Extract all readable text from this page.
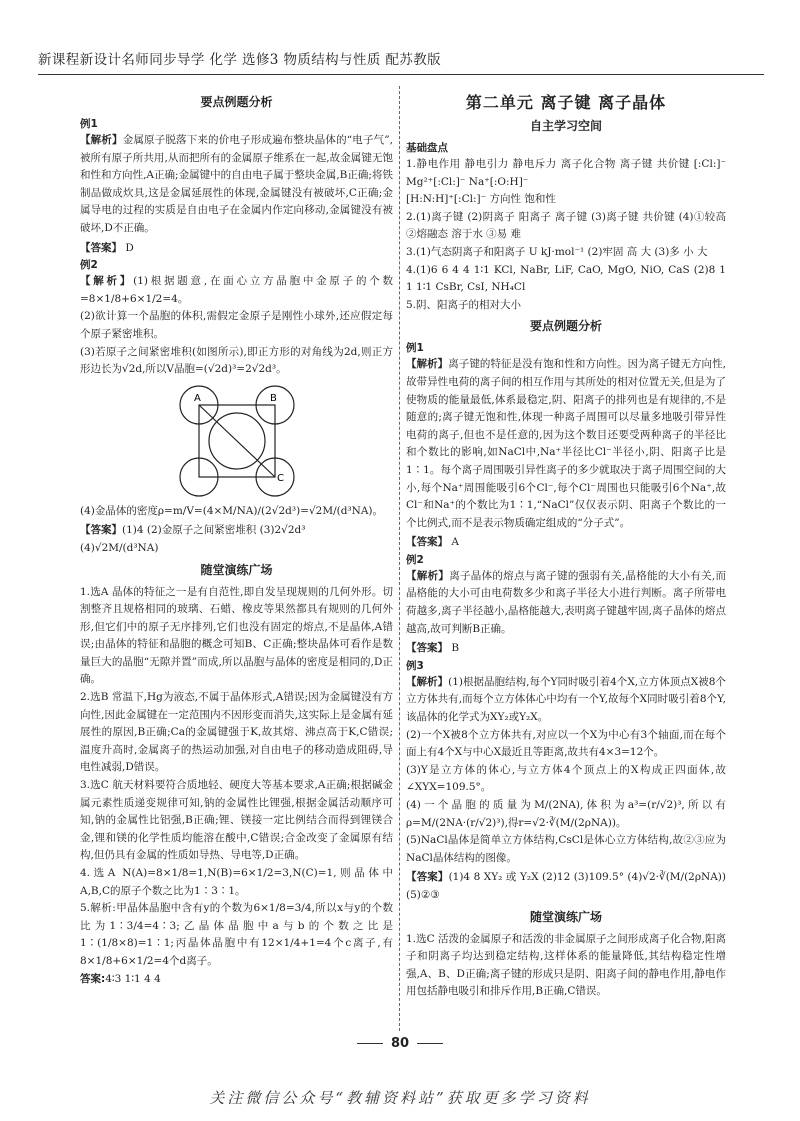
新课程新设计名师同步导学 化学 选修3 物质结构与性质 配苏教版
要点例题分析
例1

【解析】金属原子脱落下来的价电子形成遍布整块晶体的“电子气”,被所有原子所共用,从而把所有的金属原子维系在一起,故金属键无饱和性和方向性,A正确;金属键中的自由电子属于整块金属,B正确;将铁制品做成炊具,这是金属延展性的体现,金属键没有被破坏,C正确;金属导电的过程的实质是自由电子在金属内作定向移动,金属键没有被破坏,D不正确。

【答案】 D

例2

【解析】(1)根据题意,在面心立方晶胞中金原子的个数=8×1/8+6×1/2=4。

(2)欲计算一个晶胞的体积,需假定金原子是刚性小球外,还应假定每个原子紧密堆积。

(3)若原子之间紧密堆积(如图所示),即正方形的对角线为2d,则正方形边长为√2d,所以V晶胞=(√2d)³=2√2d³。

A	B
C

(4)金晶体的密度ρ=m/V=(4×M/NA)/(2√2d³)=√2M/(d³NA)。

【答案】(1)4 (2)金原子之间紧密堆积 (3)2√2d³

(4)√2M/(d³NA)

随堂演练广场

1.选A 晶体的特征之一是有自范性,即自发呈现规则的几何外形。切割整齐且规格相同的玻璃、石蜡、橡皮等果然都具有规则的几何外形,但它们中的原子无序排列,它们也没有固定的熔点,不是晶体,A错误;由晶体的特征和晶胞的概念可知B、C正确;整块晶体可看作是数量巨大的晶胞“无隙并置”而成,所以晶胞与晶体的密度是相同的,D正确。

2.选B 常温下,Hg为液态,不属于晶体形式,A错误;因为金属键没有方向性,因此金属键在一定范围内不因形变而消失,这实际上是金属有延展性的原因,B正确;Ca的金属键强于K,故其熔、沸点高于K,C错误;温度升高时,金属离子的热运动加强,对自由电子的移动造成阻碍,导电性减弱,D错误。

3.选C 航天材料要符合质地轻、硬度大等基本要求,A正确;根据碱金属元素性质递变规律可知,钠的金属性比锂强,根据金属活动顺序可知,钠的金属性比铝强,B正确;锂、镁接一定比例结合而得到锂镁合金,锂和镁的化学性质均能溶在酸中,C错误;合金改变了金属原有结构,但仍具有金属的性质如导热、导电等,D正确。

4.选A N(A)=8×1/8=1,N(B)=6×1/2=3,N(C)=1,则晶体中A,B,C的原子个数之比为1∶3∶1。

5.解析:甲晶体晶胞中含有y的个数为6×1/8=3/4,所以x与y的个数比为1∶3/4=4∶3;乙晶体晶胞中a与b的个数之比是1∶(1/8×8)=1∶1;丙晶体晶胞中有12×1/4+1=4个c离子,有8×1/8+6×1/2=4个d离子。

答案:4∶3 1∶1 4 4

第二单元 离子键 离子晶体
自主学习空间
基础盘点

1.静电作用 静电引力 静电斥力 离子化合物 离子键 共价键 [:Cl:]⁻ Mg²⁺[:Cl:]⁻ Na⁺[:O:H]⁻

[H:N:H]⁺[:Cl:]⁻ 方向性 饱和性

2.(1)离子键 (2)阴离子 阳离子 离子键 (3)离子键 共价键 (4)①较高 ②熔融态 溶于水 ③易 难

3.(1)气态阴离子和阳离子 U kJ·mol⁻¹ (2)牢固 高 大 (3)多 小 大

4.(1)6 6 4 4 1∶1 KCl, NaBr, LiF, CaO, MgO, NiO, CaS (2)8 1 1 1∶1 CsBr, CsI, NH₄Cl

5.阴、阳离子的相对大小

要点例题分析
例1

【解析】离子键的特征是没有饱和性和方向性。因为离子键无方向性,故带异性电荷的离子间的相互作用与其所处的相对位置无关,但是为了使物质的能量最低,体系最稳定,阴、阳离子的排列也是有规律的,不是随意的;离子键无饱和性,体现一种离子周围可以尽量多地吸引带异性电荷的离子,但也不是任意的,因为这个数目还要受两种离子的半径比和个数比的影响,如NaCl中,Na⁺半径比Cl⁻半径小,阴、阳离子比是1∶1。每个离子周围吸引异性离子的多少就取决于离子周围空间的大小,每个Na⁺周围能吸引6个Cl⁻,每个Cl⁻周围也只能吸引6个Na⁺,故Cl⁻和Na⁺的个数比为1∶1,“NaCl”仅仅表示阴、阳离子个数比的一个比例式,而不是表示物质确定组成的“分子式”。

【答案】 A

例2

【解析】离子晶体的熔点与离子键的强弱有关,晶格能的大小有关,而晶格能的大小可由电荷数多少和离子半径大小进行判断。离子所带电荷越多,离子半径越小,晶格能越大,表明离子键越牢固,离子晶体的熔点越高,故可判断B正确。

【答案】 B

例3

【解析】(1)根据晶胞结构,每个Y同时吸引着4个X,立方体顶点X被8个立方体共有,而每个立方体体心中均有一个Y,故每个X同时吸引着8个Y,该晶体的化学式为XY₂或Y₂X。

(2)一个X被8个立方体共有,对应以一个X为中心有3个轴面,而在每个面上有4个X与中心X最近且等距离,故共有4×3=12个。

(3)Y是立方体的体心,与立方体4个顶点上的X构成正四面体,故∠XYX=109.5°。

(4)一个晶胞的质量为M/(2NA),体积为a³=(r/√2)³,所以有ρ=M/(2NA·(r/√2)³),得r=√2·∛(M/(2ρNA))。

(5)NaCl晶体是简单立方体结构,CsCl是体心立方体结构,故②③应为NaCl晶体结构的图像。

【答案】(1)4 8 XY₂ 或 Y₂X (2)12 (3)109.5° (4)√2·∛(M/(2ρNA)) (5)②③

随堂演练广场

1.选C 活泼的金属原子和活泼的非金属原子之间形成离子化合物,阳离子和阴离子均达到稳定结构,这样体系的能量降低,其结构稳定性增强,A、B、D正确;离子键的形成只是阴、阳离子间的静电作用,静电作用包括静电吸引和排斥作用,B正确,C错误。

80
关注微信公众号“教辅资料站”获取更多学习资料
